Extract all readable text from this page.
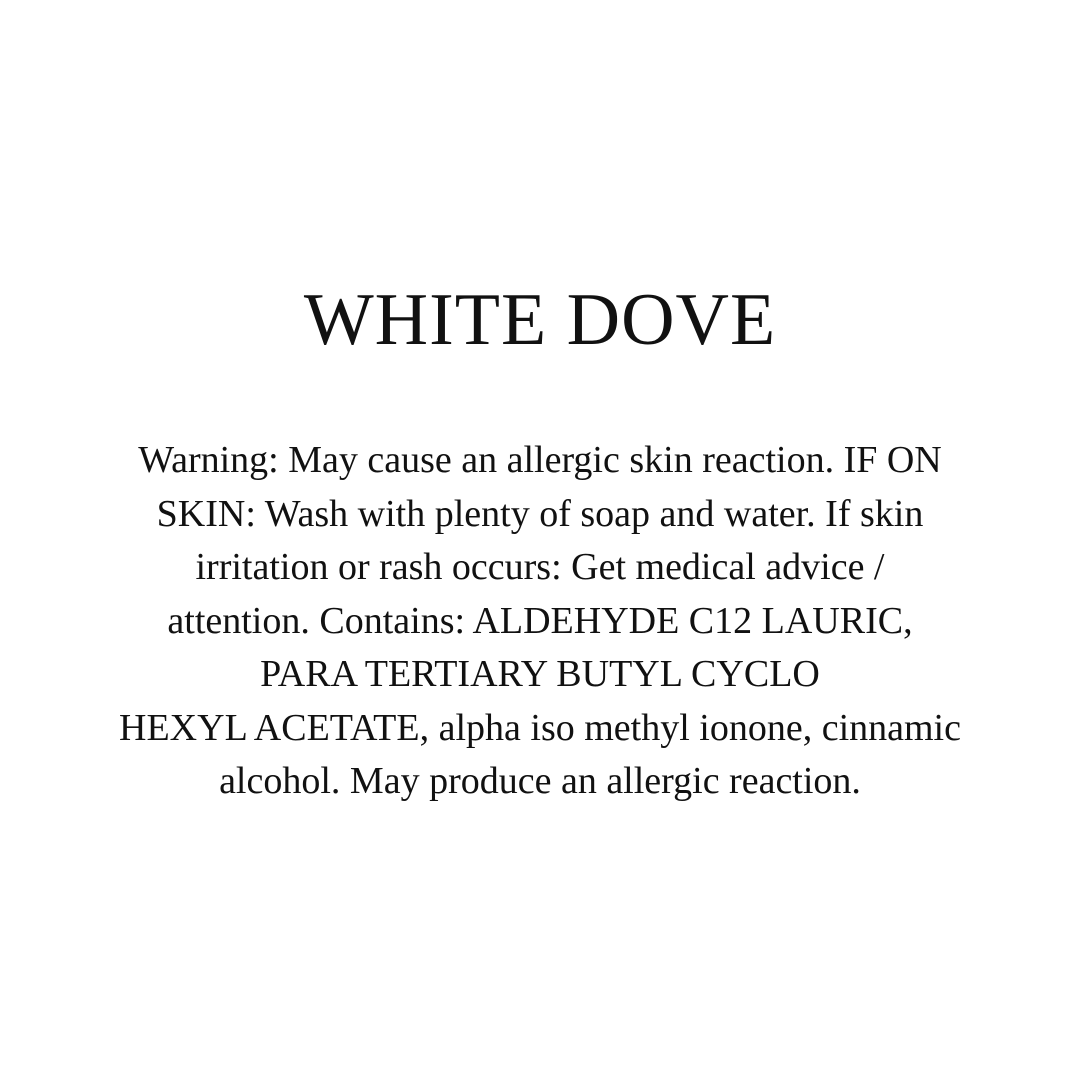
WHITE DOVE
Warning: May cause an allergic skin reaction. IF ON
SKIN: Wash with plenty of soap and water. If skin
irritation or rash occurs: Get medical advice /
attention. Contains: ALDEHYDE C12 LAURIC,
PARA TERTIARY BUTYL CYCLO
HEXYL ACETATE, alpha iso methyl ionone, cinnamic
alcohol. May produce an allergic reaction.
